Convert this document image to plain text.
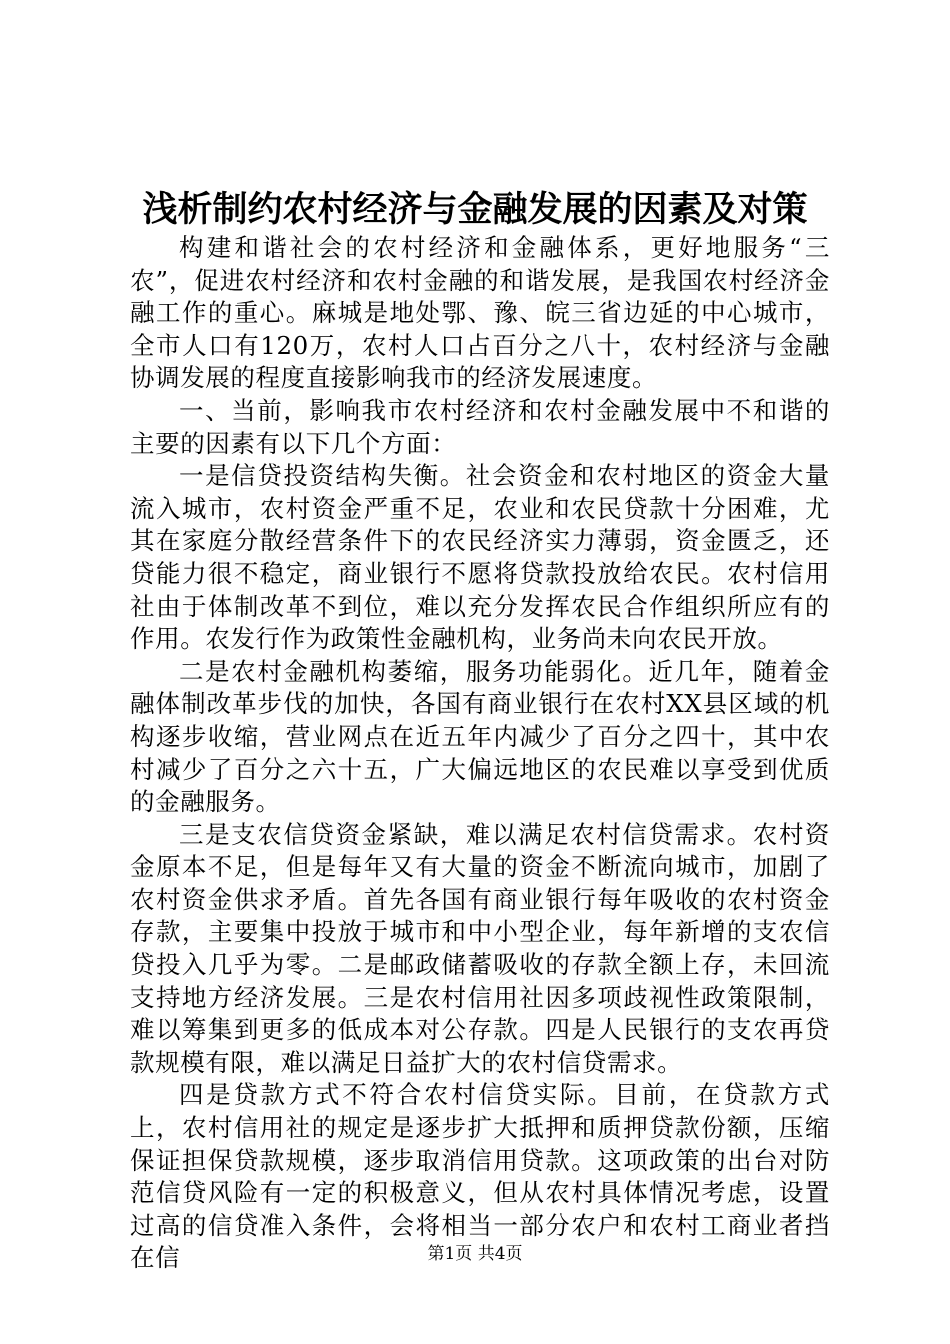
浅析制约农村经济与金融发展的因素及对策

构建和谐社会的农村经济和金融体系，更好地服务“三农”，促进农村经济和农村金融的和谐发展，是我国农村经济金融工作的重心。麻城是地处鄂、豫、皖三省边延的中心城市，全市人口有120万，农村人口占百分之八十，农村经济与金融协调发展的程度直接影响我市的经济发展速度。

一、当前，影响我市农村经济和农村金融发展中不和谐的主要的因素有以下几个方面：

一是信贷投资结构失衡。社会资金和农村地区的资金大量流入城市，农村资金严重不足，农业和农民贷款十分困难，尤其在家庭分散经营条件下的农民经济实力薄弱，资金匮乏，还贷能力很不稳定，商业银行不愿将贷款投放给农民。农村信用社由于体制改革不到位，难以充分发挥农民合作组织所应有的作用。农发行作为政策性金融机构，业务尚未向农民开放。

二是农村金融机构萎缩，服务功能弱化。近几年，随着金融体制改革步伐的加快，各国有商业银行在农村XX县区域的机构逐步收缩，营业网点在近五年内减少了百分之四十，其中农村减少了百分之六十五，广大偏远地区的农民难以享受到优质的金融服务。

三是支农信贷资金紧缺，难以满足农村信贷需求。农村资金原本不足，但是每年又有大量的资金不断流向城市，加剧了农村资金供求矛盾。首先各国有商业银行每年吸收的农村资金存款，主要集中投放于城市和中小型企业，每年新增的支农信贷投入几乎为零。二是邮政储蓄吸收的存款全额上存，未回流支持地方经济发展。三是农村信用社因多项歧视性政策限制，难以筹集到更多的低成本对公存款。四是人民银行的支农再贷款规模有限，难以满足日益扩大的农村信贷需求。

四是贷款方式不符合农村信贷实际。目前，在贷款方式上，农村信用社的规定是逐步扩大抵押和质押贷款份额，压缩保证担保贷款规模，逐步取消信用贷款。这项政策的出台对防范信贷风险有一定的积极意义，但从农村具体情况考虑，设置过高的信贷准入条件，会将相当一部分农户和农村工商业者挡在信	第1页 共4页
